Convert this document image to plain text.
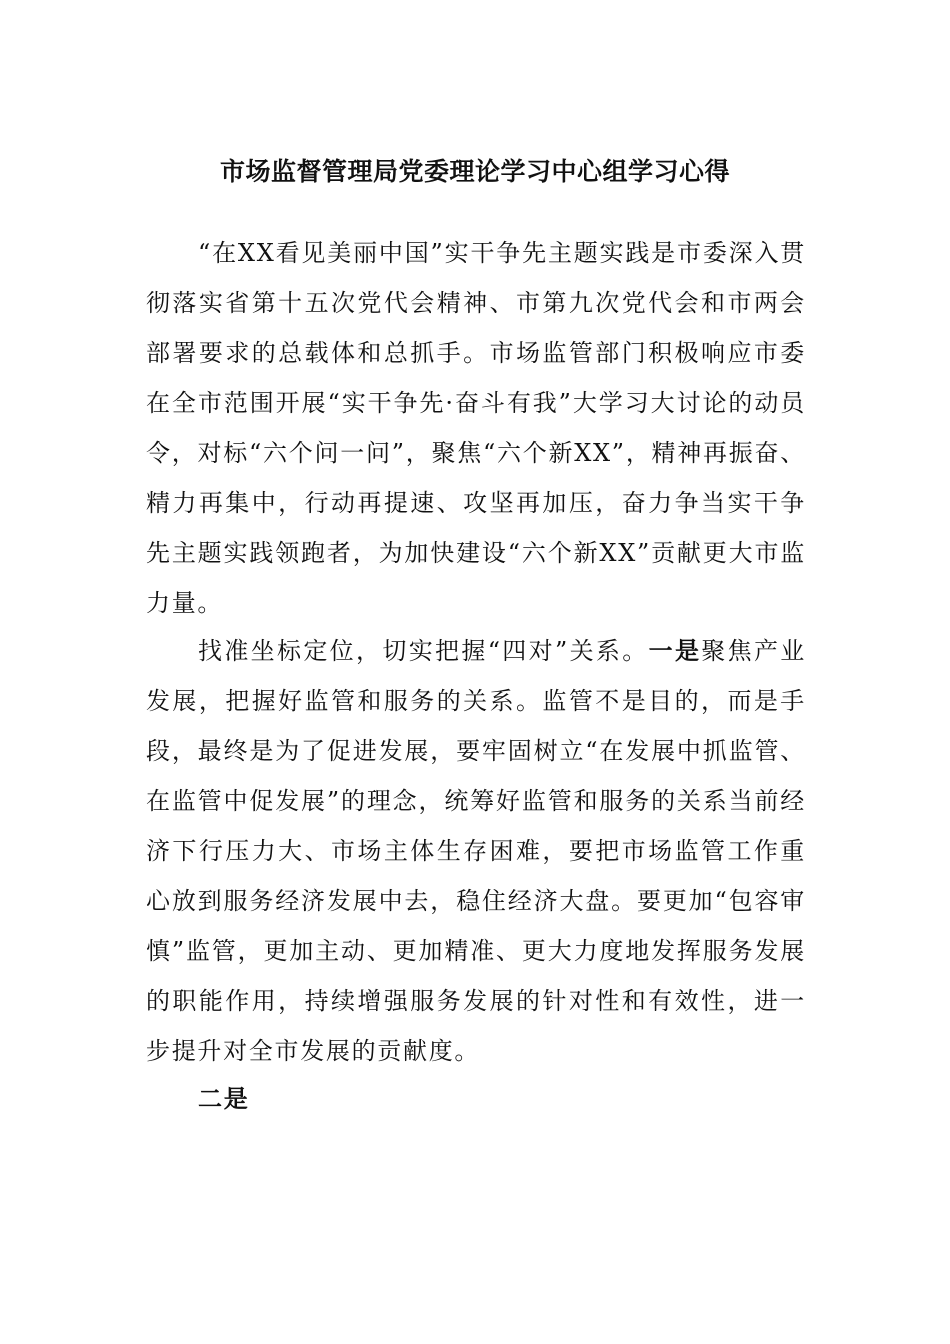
市场监督管理局党委理论学习中心组学习心得

“在XX看见美丽中国”实干争先主题实践是市委深入贯彻落实省第十五次党代会精神、市第九次党代会和市两会部署要求的总载体和总抓手。市场监管部门积极响应市委在全市范围开展“实干争先·奋斗有我”大学习大讨论的动员令，对标“六个问一问”，聚焦“六个新XX”，精神再振奋、精力再集中，行动再提速、攻坚再加压，奋力争当实干争先主题实践领跑者，为加快建设“六个新XX”贡献更大市监力量。

找准坐标定位，切实把握“四对”关系。一是聚焦产业发展，把握好监管和服务的关系。监管不是目的，而是手段，最终是为了促进发展，要牢固树立“在发展中抓监管、在监管中促发展”的理念，统筹好监管和服务的关系当前经济下行压力大、市场主体生存困难，要把市场监管工作重心放到服务经济发展中去，稳住经济大盘。要更加“包容审慎”监管，更加主动、更加精准、更大力度地发挥服务发展的职能作用，持续增强服务发展的针对性和有效性，进一步提升对全市发展的贡献度。

二是
